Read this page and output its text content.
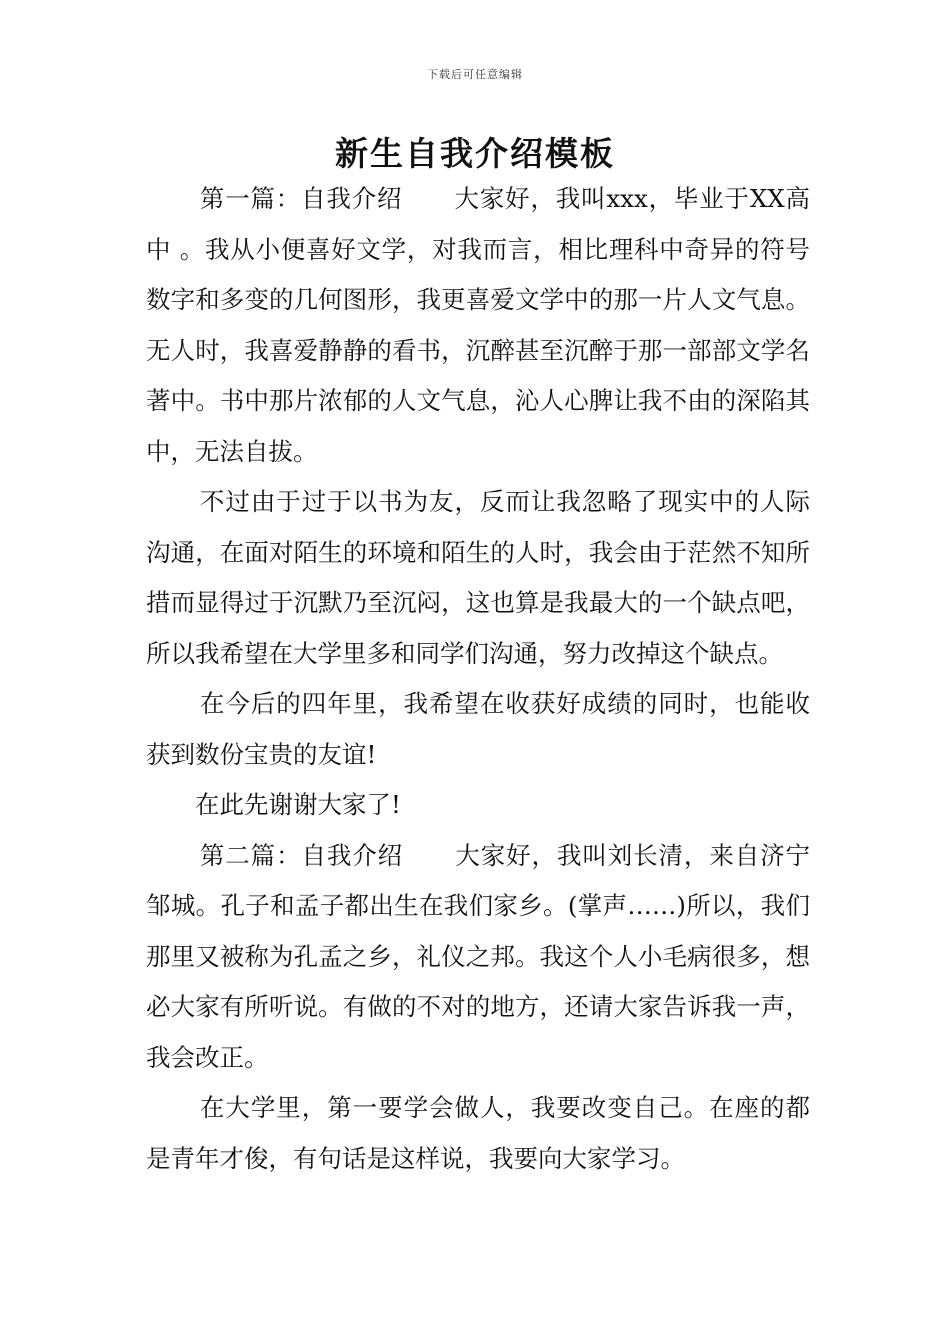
下载后可任意编辑
新生自我介绍模板

第一篇：自我介绍 大家好，我叫xxx，毕业于XX高中 。我从小便喜好文学，对我而言，相比理科中奇异的符号数字和多变的几何图形，我更喜爱文学中的那一片人文气息。无人时，我喜爱静静的看书，沉醉甚至沉醉于那一部部文学名著中。书中那片浓郁的人文气息，沁人心脾让我不由的深陷其中，无法自拔。

不过由于过于以书为友，反而让我忽略了现实中的人际沟通，在面对陌生的环境和陌生的人时，我会由于茫然不知所措而显得过于沉默乃至沉闷，这也算是我最大的一个缺点吧，所以我希望在大学里多和同学们沟通，努力改掉这个缺点。

在今后的四年里，我希望在收获好成绩的同时，也能收获到数份宝贵的友谊!

在此先谢谢大家了!

第二篇：自我介绍 大家好，我叫刘长清，来自济宁邹城。孔子和孟子都出生在我们家乡。(掌声……)所以，我们那里又被称为孔孟之乡，礼仪之邦。我这个人小毛病很多，想必大家有所听说。有做的不对的地方，还请大家告诉我一声，我会改正。

在大学里，第一要学会做人，我要改变自己。在座的都是青年才俊，有句话是这样说，我要向大家学习。
